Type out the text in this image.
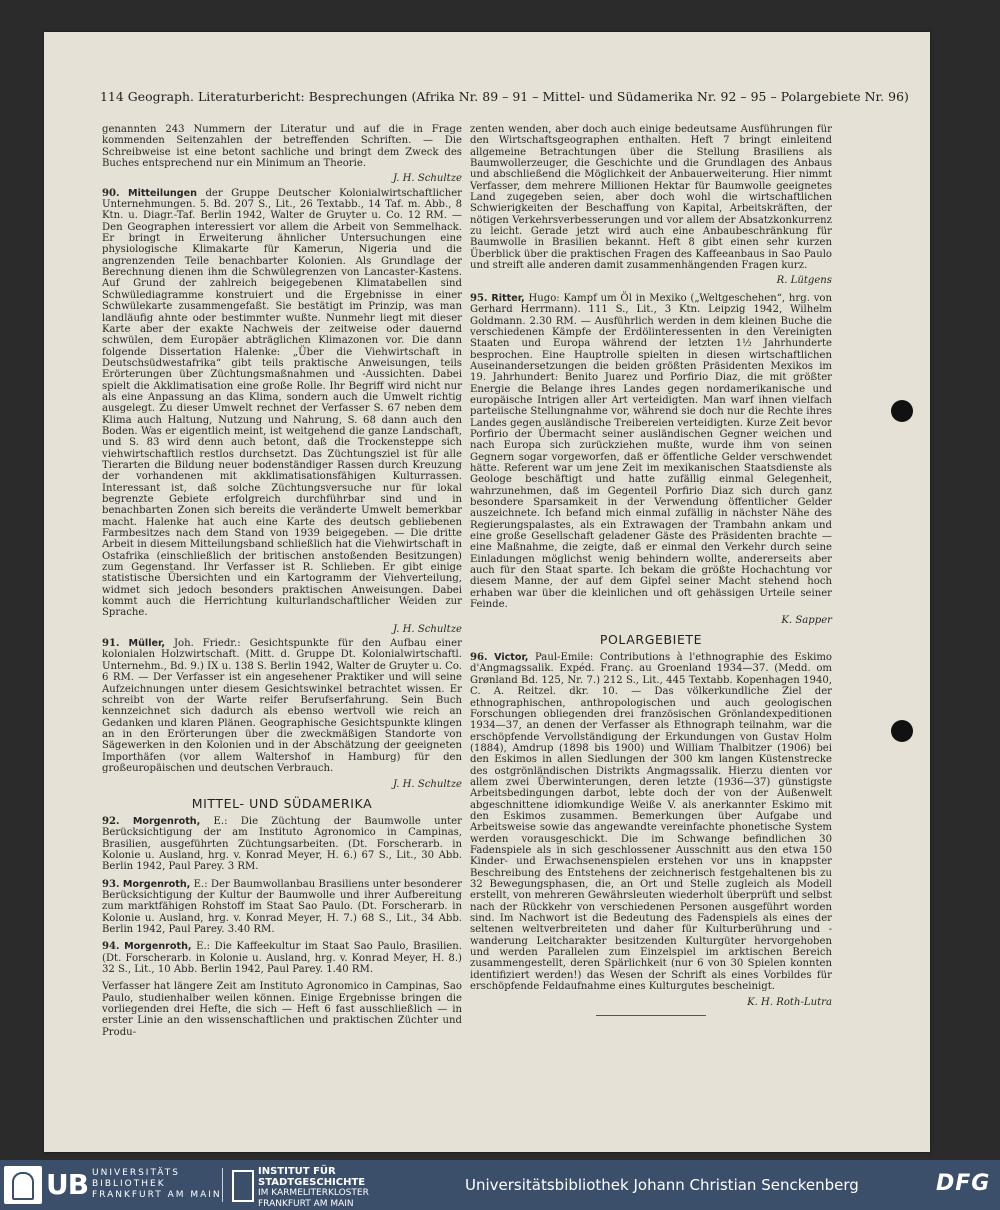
114 Geograph. Literaturbericht: Besprechungen (Afrika Nr. 89 – 91 – Mittel- und Südamerika Nr. 92 – 95 – Polargebiete Nr. 96)

genannten 243 Nummern der Literatur und auf die in Frage kommenden Seitenzahlen der betreffenden Schriften. — Die Schreibweise ist eine betont sachliche und bringt dem Zweck des Buches entsprechend nur ein Minimum an Theorie.

J. H. Schultze

90. Mitteilungen der Gruppe Deutscher Kolonialwirtschaftlicher Unternehmungen. 5. Bd. 207 S., Lit., 26 Textabb., 14 Taf. m. Abb., 8 Ktn. u. Diagr.-Taf. Berlin 1942, Walter de Gruyter u. Co. 12 RM. — Den Geographen interessiert vor allem die Arbeit von Semmelhack. Er bringt in Erweiterung ähnlicher Untersuchungen eine physiologische Klimakarte für Kamerun, Nigeria und die angrenzenden Teile benachbarter Kolonien. Als Grundlage der Berechnung dienen ihm die Schwülegrenzen von Lancaster-Kastens. Auf Grund der zahlreich beigegebenen Klimatabellen sind Schwülediagramme konstruiert und die Ergebnisse in einer Schwülekarte zusammengefaßt. Sie bestätigt im Prinzip, was man landläufig ahnte oder bestimmter wußte. Nunmehr liegt mit dieser Karte aber der exakte Nachweis der zeitweise oder dauernd schwülen, dem Europäer abträglichen Klimazonen vor. Die dann folgende Dissertation Halenke: „Über die Viehwirtschaft in Deutschsüdwestafrika“ gibt teils praktische Anweisungen, teils Erörterungen über Züchtungsmaßnahmen und -Aussichten. Dabei spielt die Akklimatisation eine große Rolle. Ihr Begriff wird nicht nur als eine Anpassung an das Klima, sondern auch die Umwelt richtig ausgelegt. Zu dieser Umwelt rechnet der Verfasser S. 67 neben dem Klima auch Haltung, Nutzung und Nahrung, S. 68 dann auch den Boden. Was er eigentlich meint, ist weitgehend die ganze Landschaft, und S. 83 wird denn auch betont, daß die Trockensteppe sich viehwirtschaftlich restlos durchsetzt. Das Züchtungsziel ist für alle Tierarten die Bildung neuer bodenständiger Rassen durch Kreuzung der vorhandenen mit akklimatisationsfähigen Kulturrassen. Interessant ist, daß solche Züchtungsversuche nur für lokal begrenzte Gebiete erfolgreich durchführbar sind und in benachbarten Zonen sich bereits die veränderte Umwelt bemerkbar macht. Halenke hat auch eine Karte des deutsch gebliebenen Farmbesitzes nach dem Stand von 1939 beigegeben. — Die dritte Arbeit in diesem Mitteilungsband schließlich hat die Viehwirtschaft in Ostafrika (einschließlich der britischen anstoßenden Besitzungen) zum Gegenstand. Ihr Verfasser ist R. Schlieben. Er gibt einige statistische Übersichten und ein Kartogramm der Viehverteilung, widmet sich jedoch besonders praktischen Anweisungen. Dabei kommt auch die Herrichtung kulturlandschaftlicher Weiden zur Sprache.

J. H. Schultze

91. Müller, Joh. Friedr.: Gesichtspunkte für den Aufbau einer kolonialen Holzwirtschaft. (Mitt. d. Gruppe Dt. Kolonialwirtschaftl. Unternehm., Bd. 9.) IX u. 138 S. Berlin 1942, Walter de Gruyter u. Co. 6 RM. — Der Verfasser ist ein angesehener Praktiker und will seine Aufzeichnungen unter diesem Gesichtswinkel betrachtet wissen. Er schreibt von der Warte reifer Berufserfahrung. Sein Buch kennzeichnet sich dadurch als ebenso wertvoll wie reich an Gedanken und klaren Plänen. Geographische Gesichtspunkte klingen an in den Erörterungen über die zweckmäßigen Standorte von Sägewerken in den Kolonien und in der Abschätzung der geeigneten Importhäfen (vor allem Waltershof in Hamburg) für den großeuropäischen und deutschen Verbrauch.

J. H. Schultze
MITTEL- UND SÜDAMERIKA

92. Morgenroth, E.: Die Züchtung der Baumwolle unter Berücksichtigung der am Instituto Agronomico in Campinas, Brasilien, ausgeführten Züchtungsarbeiten. (Dt. Forscherarb. in Kolonie u. Ausland, hrg. v. Konrad Meyer, H. 6.) 67 S., Lit., 30 Abb. Berlin 1942, Paul Parey. 3 RM.

93. Morgenroth, E.: Der Baumwollanbau Brasiliens unter besonderer Berücksichtigung der Kultur der Baumwolle und ihrer Aufbereitung zum marktfähigen Rohstoff im Staat Sao Paulo. (Dt. Forscherarb. in Kolonie u. Ausland, hrg. v. Konrad Meyer, H. 7.) 68 S., Lit., 34 Abb. Berlin 1942, Paul Parey. 3.40 RM.

94. Morgenroth, E.: Die Kaffeekultur im Staat Sao Paulo, Brasilien. (Dt. Forscherarb. in Kolonie u. Ausland, hrg. v. Konrad Meyer, H. 8.) 32 S., Lit., 10 Abb. Berlin 1942, Paul Parey. 1.40 RM.

Verfasser hat längere Zeit am Instituto Agronomico in Campinas, Sao Paulo, studienhalber weilen können. Einige Ergebnisse bringen die vorliegenden drei Hefte, die sich — Heft 6 fast ausschließlich — in erster Linie an den wissenschaftlichen und praktischen Züchter und Produ-

zenten wenden, aber doch auch einige bedeutsame Ausführungen für den Wirtschaftsgeographen enthalten. Heft 7 bringt einleitend allgemeine Betrachtungen über die Stellung Brasiliens als Baumwollerzeuger, die Geschichte und die Grundlagen des Anbaus und abschließend die Möglichkeit der Anbauerweiterung. Hier nimmt Verfasser, dem mehrere Millionen Hektar für Baumwolle geeignetes Land zugegeben seien, aber doch wohl die wirtschaftlichen Schwierigkeiten der Beschaffung von Kapital, Arbeitskräften, der nötigen Verkehrsverbesserungen und vor allem der Absatzkonkurrenz zu leicht. Gerade jetzt wird auch eine Anbaubeschränkung für Baumwolle in Brasilien bekannt. Heft 8 gibt einen sehr kurzen Überblick über die praktischen Fragen des Kaffeeanbaus in Sao Paulo und streift alle anderen damit zusammenhängenden Fragen kurz.

R. Lütgens

95. Ritter, Hugo: Kampf um Öl in Mexiko („Weltgeschehen“, hrg. von Gerhard Herrmann). 111 S., Lit., 3 Ktn. Leipzig 1942, Wilhelm Goldmann. 2.30 RM. — Ausführlich werden in dem kleinen Buche die verschiedenen Kämpfe der Erdölinteressenten in den Vereinigten Staaten und Europa während der letzten 1½ Jahrhunderte besprochen. Eine Hauptrolle spielten in diesen wirtschaftlichen Auseinandersetzungen die beiden größten Präsidenten Mexikos im 19. Jahrhundert: Benito Juarez und Porfirio Diaz, die mit größter Energie die Belange ihres Landes gegen nordamerikanische und europäische Intrigen aller Art verteidigten. Man warf ihnen vielfach parteiische Stellungnahme vor, während sie doch nur die Rechte ihres Landes gegen ausländische Treibereien verteidigten. Kurze Zeit bevor Porfirio der Übermacht seiner ausländischen Gegner weichen und nach Europa sich zurückziehen mußte, wurde ihm von seinen Gegnern sogar vorgeworfen, daß er öffentliche Gelder verschwendet hätte. Referent war um jene Zeit im mexikanischen Staatsdienste als Geologe beschäftigt und hatte zufällig einmal Gelegenheit, wahrzunehmen, daß im Gegenteil Porfirio Diaz sich durch ganz besondere Sparsamkeit in der Verwendung öffentlicher Gelder auszeichnete. Ich befand mich einmal zufällig in nächster Nähe des Regierungspalastes, als ein Extrawagen der Trambahn ankam und eine große Gesellschaft geladener Gäste des Präsidenten brachte — eine Maßnahme, die zeigte, daß er einmal den Verkehr durch seine Einladungen möglichst wenig behindern wollte, andererseits aber auch für den Staat sparte. Ich bekam die größte Hochachtung vor diesem Manne, der auf dem Gipfel seiner Macht stehend hoch erhaben war über die kleinlichen und oft gehässigen Urteile seiner Feinde.

K. Sapper
POLARGEBIETE

96. Victor, Paul-Emile: Contributions à l'ethnographie des Eskimo d'Angmagssalik. Expéd. Franç. au Groenland 1934—37. (Medd. om Grønland Bd. 125, Nr. 7.) 212 S., Lit., 445 Textabb. Kopenhagen 1940, C. A. Reitzel. dkr. 10. — Das völkerkundliche Ziel der ethnographischen, anthropologischen und auch geologischen Forschungen obliegenden drei französischen Grönlandexpeditionen 1934—37, an denen der Verfasser als Ethnograph teilnahm, war die erschöpfende Vervollständigung der Erkundungen von Gustav Holm (1884), Amdrup (1898 bis 1900) und William Thalbitzer (1906) bei den Eskimos in allen Siedlungen der 300 km langen Küstenstrecke des ostgrönländischen Distrikts Angmagssalik. Hierzu dienten vor allem zwei Überwinterungen, deren letzte (1936—37) günstigste Arbeitsbedingungen darbot, lebte doch der von der Außenwelt abgeschnittene idiomkundige Weiße V. als anerkannter Eskimo mit den Eskimos zusammen. Bemerkungen über Aufgabe und Arbeitsweise sowie das angewandte vereinfachte phonetische System werden vorausgeschickt. Die im Schwange befindlichen 30 Fadenspiele als in sich geschlossener Ausschnitt aus den etwa 150 Kinder- und Erwachsenenspielen erstehen vor uns in knappster Beschreibung des Entstehens der zeichnerisch festgehaltenen bis zu 32 Bewegungsphasen, die, an Ort und Stelle zugleich als Modell erstellt, von mehreren Gewährsleuten wiederholt überprüft und selbst nach der Rückkehr von verschiedenen Personen ausgeführt worden sind. Im Nachwort ist die Bedeutung des Fadenspiels als eines der seltenen weltverbreiteten und daher für Kulturberührung und -wanderung Leitcharakter besitzenden Kulturgüter hervorgehoben und werden Parallelen zum Einzelspiel im arktischen Bereich zusammengestellt, deren Spärlichkeit (nur 6 von 30 Spielen konnten identifiziert werden!) das Wesen der Schrift als eines Vorbildes für erschöpfende Feldaufnahme eines Kulturgutes bescheinigt.

K. H. Roth-Lutra
UB UNIVERSITÄTS
BIBLIOTHEK
FRANKFURT AM MAIN
INSTITUT FÜR
STADTGESCHICHTE
IM KARMELITERKLOSTER
FRANKFURT AM MAIN
Universitätsbibliothek Johann Christian Senckenberg	DFG
